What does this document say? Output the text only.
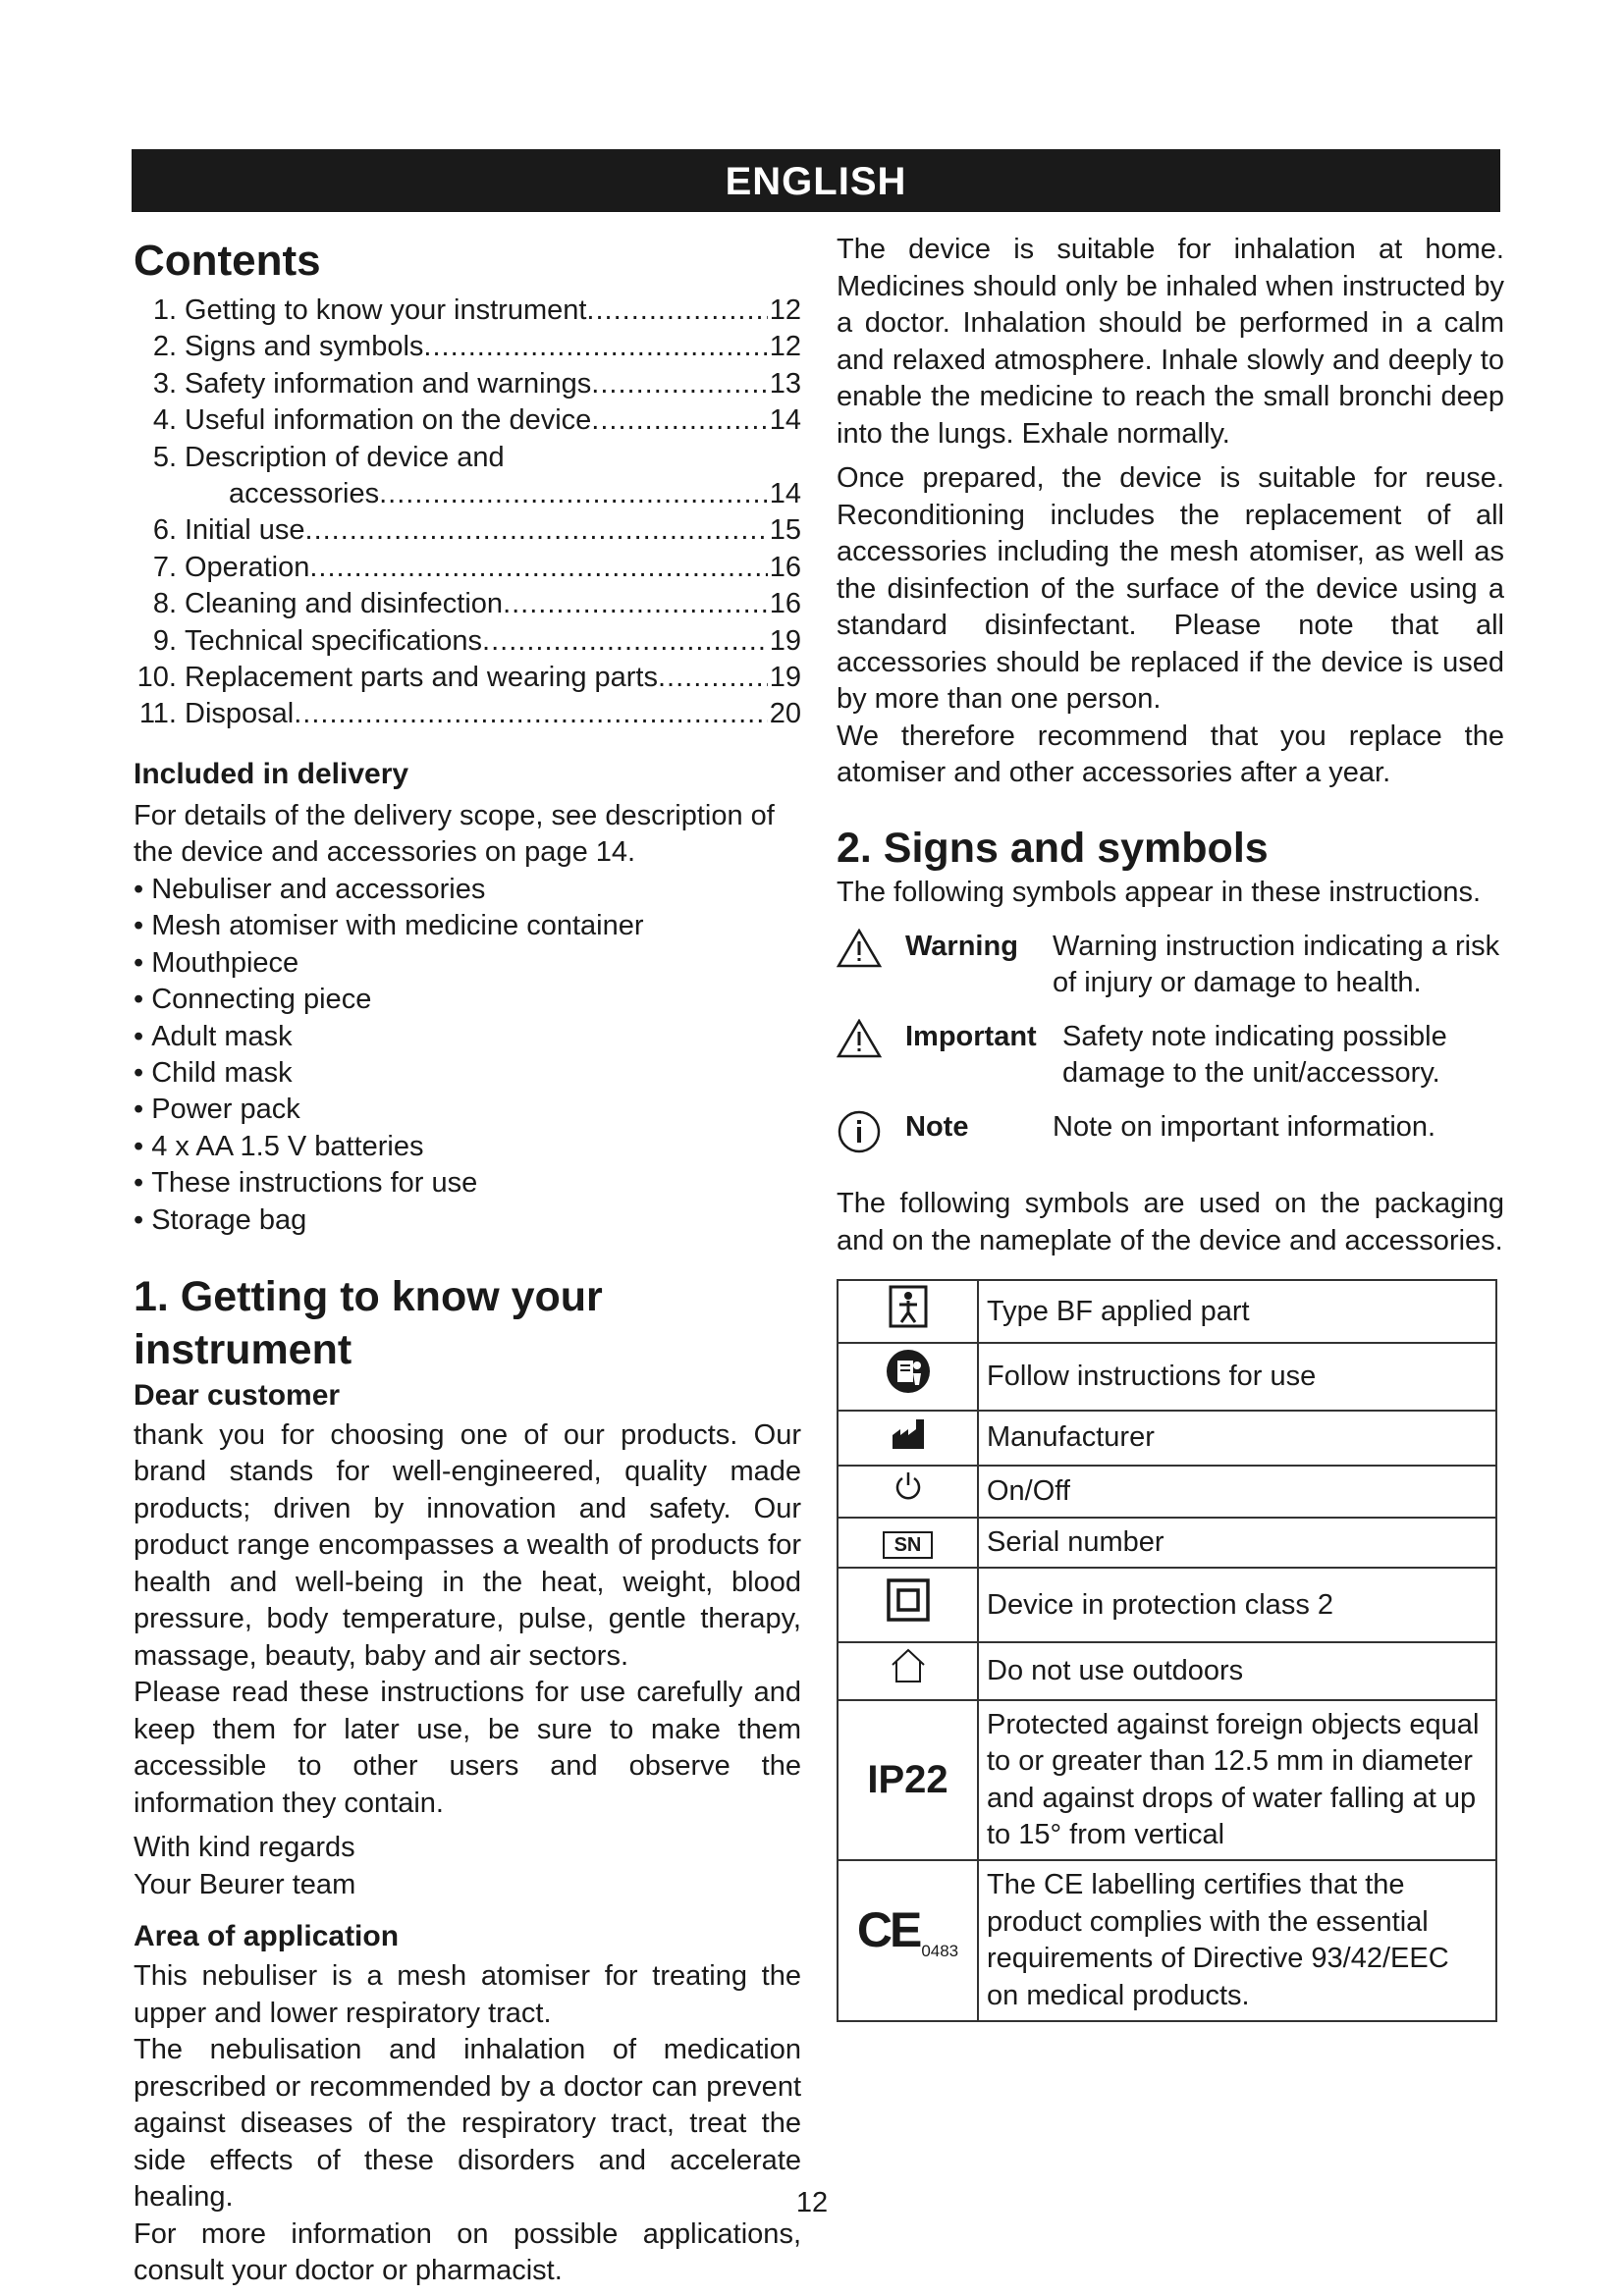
ENGLISH
Contents
1. Getting to know your instrument .....	12
2. Signs and symbols .....	12
3. Safety information and warnings .....	13
4. Useful information on the device .....	14
5. Description of device and
accessories .....	14
6. Initial use .....	15
7. Operation .....	16
8. Cleaning and disinfection .....	16
9. Technical specifications .....	19
10. Replacement parts and wearing parts .....	19
11. Disposal .....	20
Included in delivery

For details of the delivery scope, see description of the device and accessories on page 14.

• Nebuliser and accessories
• Mesh atomiser with medicine container
• Mouthpiece
• Connecting piece
• Adult mask
• Child mask
• Power pack
• 4 x AA 1.5 V batteries
• These instructions for use
• Storage bag
1. Getting to know your instrument
Dear customer

thank you for choosing one of our products. Our brand stands for well-engineered, quality made products; driven by innovation and safety. Our product range encompasses a wealth of products for health and well-being in the heat, weight, blood pressure, body temperature, pulse, gentle therapy, massage, beauty, baby and air sectors.

Please read these instructions for use carefully and keep them for later use, be sure to make them accessible to other users and observe the information they contain.

With kind regards

Your Beurer team

Area of application

This nebuliser is a mesh atomiser for treating the upper and lower respiratory tract.

The nebulisation and inhalation of medication prescribed or recommended by a doctor can prevent against diseases of the respiratory tract, treat the side effects of these disorders and accelerate healing.

For more information on possible applications, consult your doctor or pharmacist.

The device is suitable for inhalation at home. Medicines should only be inhaled when instructed by a doctor. Inhalation should be performed in a calm and relaxed atmosphere. Inhale slowly and deeply to enable the medicine to reach the small bronchi deep into the lungs. Exhale normally.

Once prepared, the device is suitable for reuse. Reconditioning includes the replacement of all accessories including the mesh atomiser, as well as the disinfection of the surface of the device using a standard disinfectant. Please note that all accessories should be replaced if the device is used by more than one person.

We therefore recommend that you replace the atomiser and other accessories after a year.

2. Signs and symbols

The following symbols appear in these instructions.

Warning	Warning instruction indicating a risk of injury or damage to health.
Important Safety note indicating possible damage to the unit/accessory.
Note	Note on important information.

The following symbols are used on the packaging and on the nameplate of the device and accessories.

	Type BF applied part
	Follow instructions for use
	Manufacturer
	On/Off
SN	Serial number
	Device in protection class 2
	Do not use outdoors
IP22	Protected against foreign objects equal to or greater than 12.5 mm in diameter and against drops of water falling at up to 15° from vertical
CE $_{0483}$	The CE labelling certifies that the product complies with the essential requirements of Directive 93/42/EEC on medical products.
12
